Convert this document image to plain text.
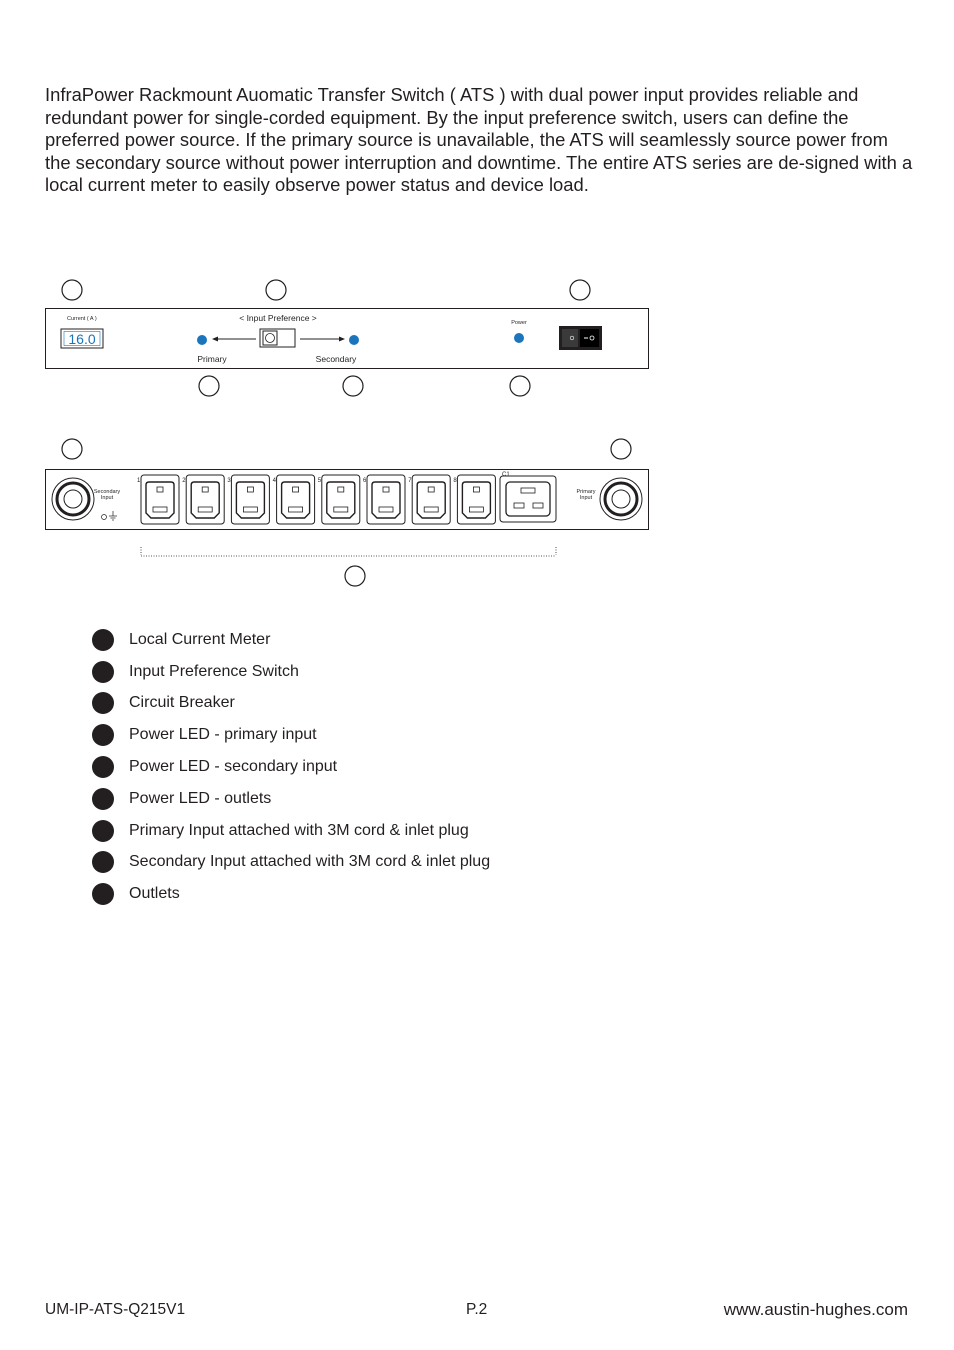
InfraPower Rackmount Auomatic Transfer Switch ( ATS ) with dual power input provides reliable and redundant power for single-corded equipment. By the input preference switch, users can define the preferred power source. If the primary source is unavailable, the ATS will seamlessly source power from the secondary source without power interruption and downtime. The entire ATS series are de-signed with a local current meter to easily observe power status and device load.

Current ( A )
16.0
< Input Preference >
Primary	Secondary
Power
Secondary
Input
1	2	3	4	5	6	7	8
C1
Primary
Input
Local Current Meter
Input Preference Switch
Circuit Breaker
Power LED - primary input
Power LED - secondary input
Power LED - outlets
Primary Input attached with 3M cord & inlet plug
Secondary Input attached with 3M cord & inlet plug
Outlets
UM-IP-ATS-Q215V1	P.2	www.austin-hughes.com
